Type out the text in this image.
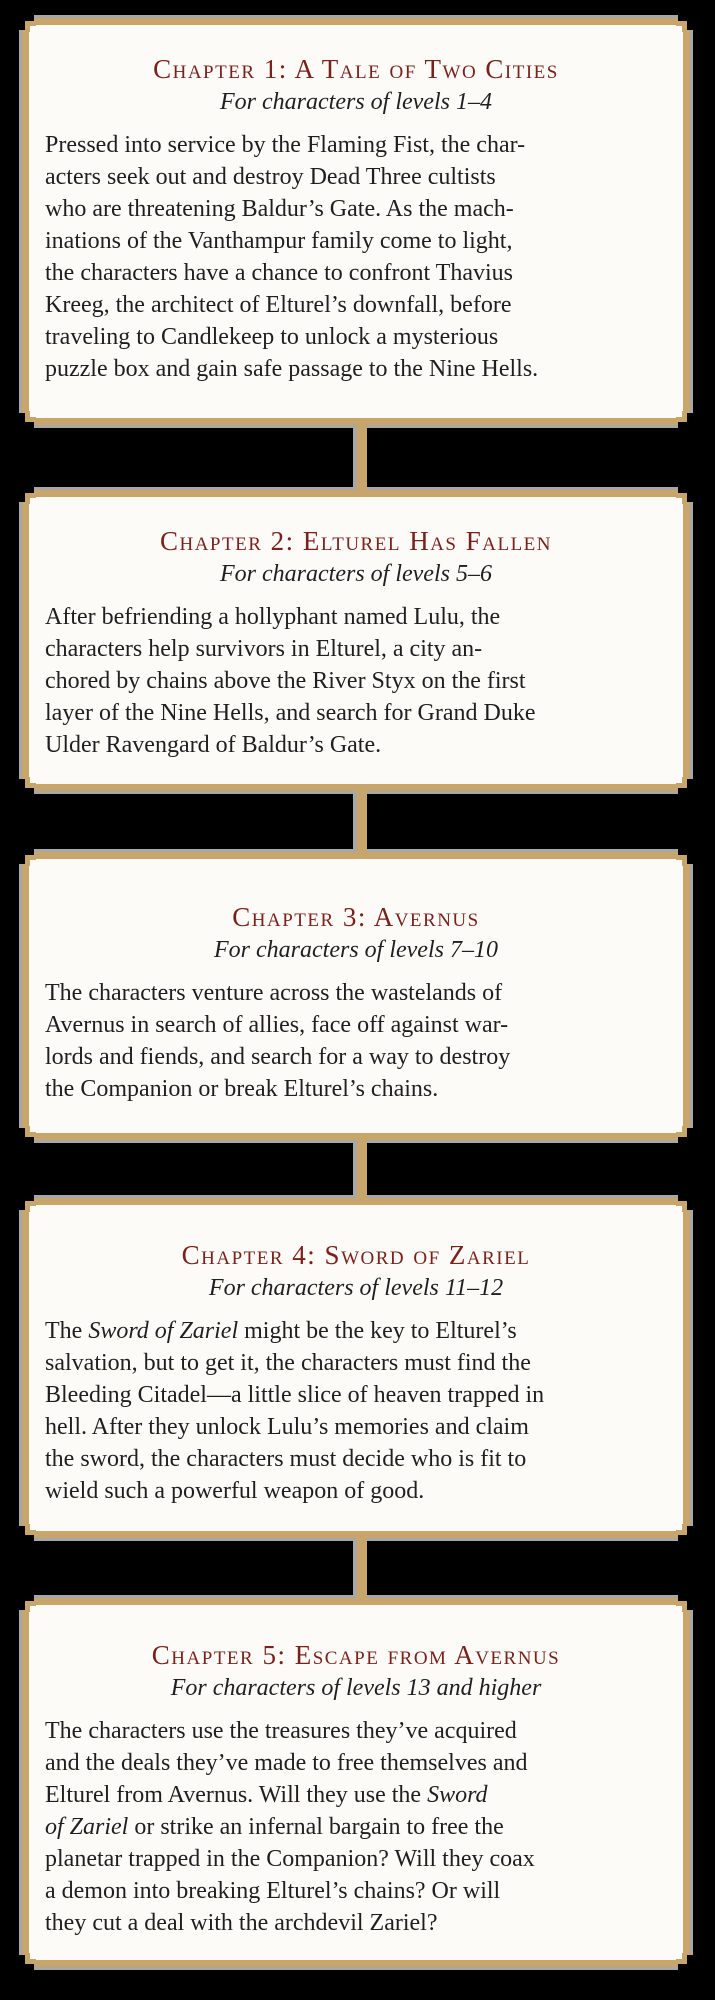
Chapter 1: A Tale of Two Cities

For characters of levels 1–4

Pressed into service by the Flaming Fist, the char-
acters seek out and destroy Dead Three cultists
who are threatening Baldur’s Gate. As the mach-
inations of the Vanthampur family come to light,
the characters have a chance to confront Thavius
Kreeg, the architect of Elturel’s downfall, before
traveling to Candlekeep to unlock a mysterious
puzzle box and gain safe passage to the Nine Hells.

Chapter 2: Elturel Has Fallen

For characters of levels 5–6

After befriending a hollyphant named Lulu, the
characters help survivors in Elturel, a city an-
chored by chains above the River Styx on the first
layer of the Nine Hells, and search for Grand Duke
Ulder Ravengard of Baldur’s Gate.

Chapter 3: Avernus

For characters of levels 7–10

The characters venture across the wastelands of
Avernus in search of allies, face off against war-
lords and fiends, and search for a way to destroy
the Companion or break Elturel’s chains.

Chapter 4: Sword of Zariel

For characters of levels 11–12

The Sword of Zariel might be the key to Elturel’s
salvation, but to get it, the characters must find the
Bleeding Citadel—a little slice of heaven trapped in
hell. After they unlock Lulu’s memories and claim
the sword, the characters must decide who is fit to
wield such a powerful weapon of good.

Chapter 5: Escape from Avernus

For characters of levels 13 and higher

The characters use the treasures they’ve acquired
and the deals they’ve made to free themselves and
Elturel from Avernus. Will they use the Sword
of Zariel or strike an infernal bargain to free the
planetar trapped in the Companion? Will they coax
a demon into breaking Elturel’s chains? Or will
they cut a deal with the archdevil Zariel?
